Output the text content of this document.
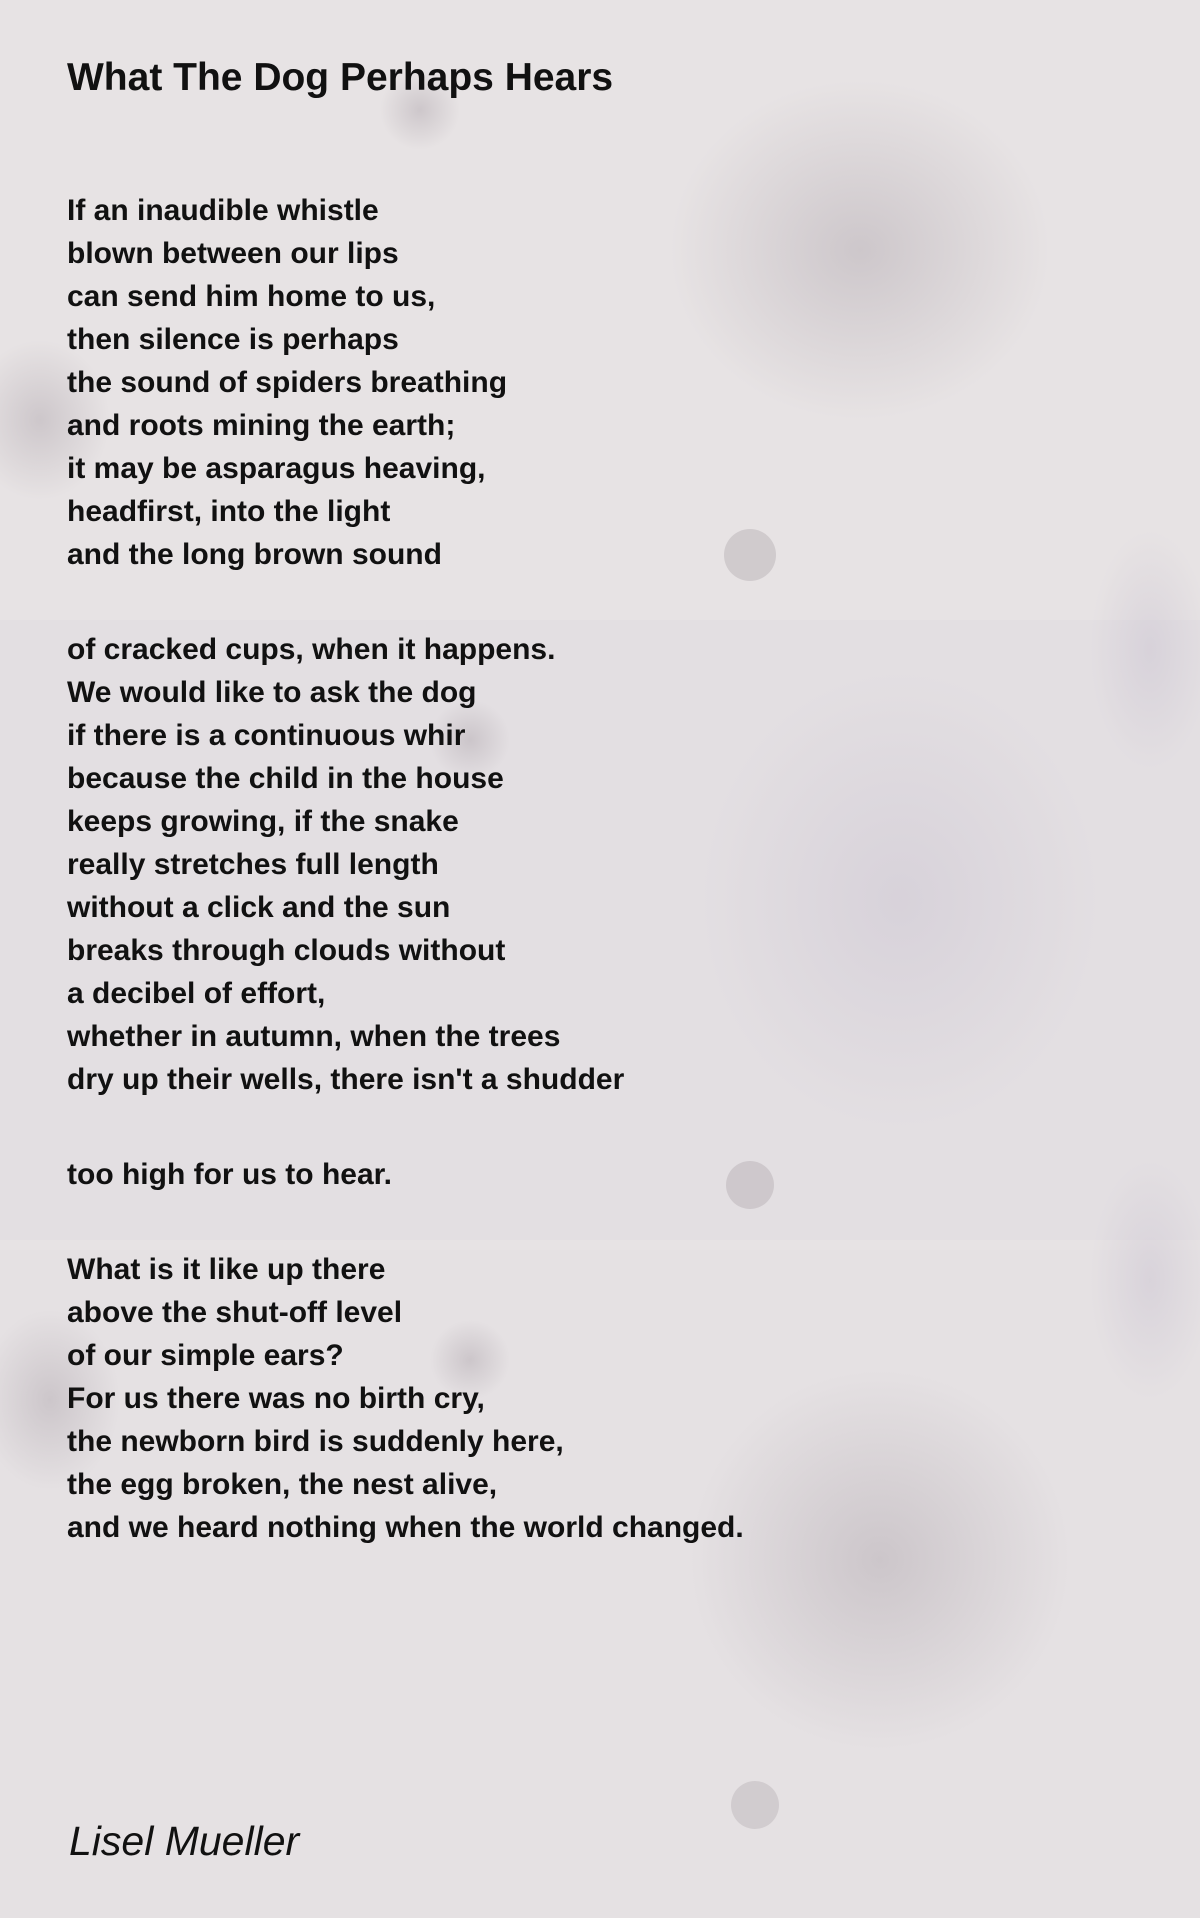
What The Dog Perhaps Hears
If an inaudible whistle
blown between our lips
can send him home to us,
then silence is perhaps
the sound of spiders breathing
and roots mining the earth;
it may be asparagus heaving,
headfirst, into the light
and the long brown sound
of cracked cups, when it happens.
We would like to ask the dog
if there is a continuous whir
because the child in the house
keeps growing, if the snake
really stretches full length
without a click and the sun
breaks through clouds without
a decibel of effort,
whether in autumn, when the trees
dry up their wells, there isn't a shudder
too high for us to hear.
What is it like up there
above the shut-off level
of our simple ears?
For us there was no birth cry,
the newborn bird is suddenly here,
the egg broken, the nest alive,
and we heard nothing when the world changed.
Lisel Mueller
